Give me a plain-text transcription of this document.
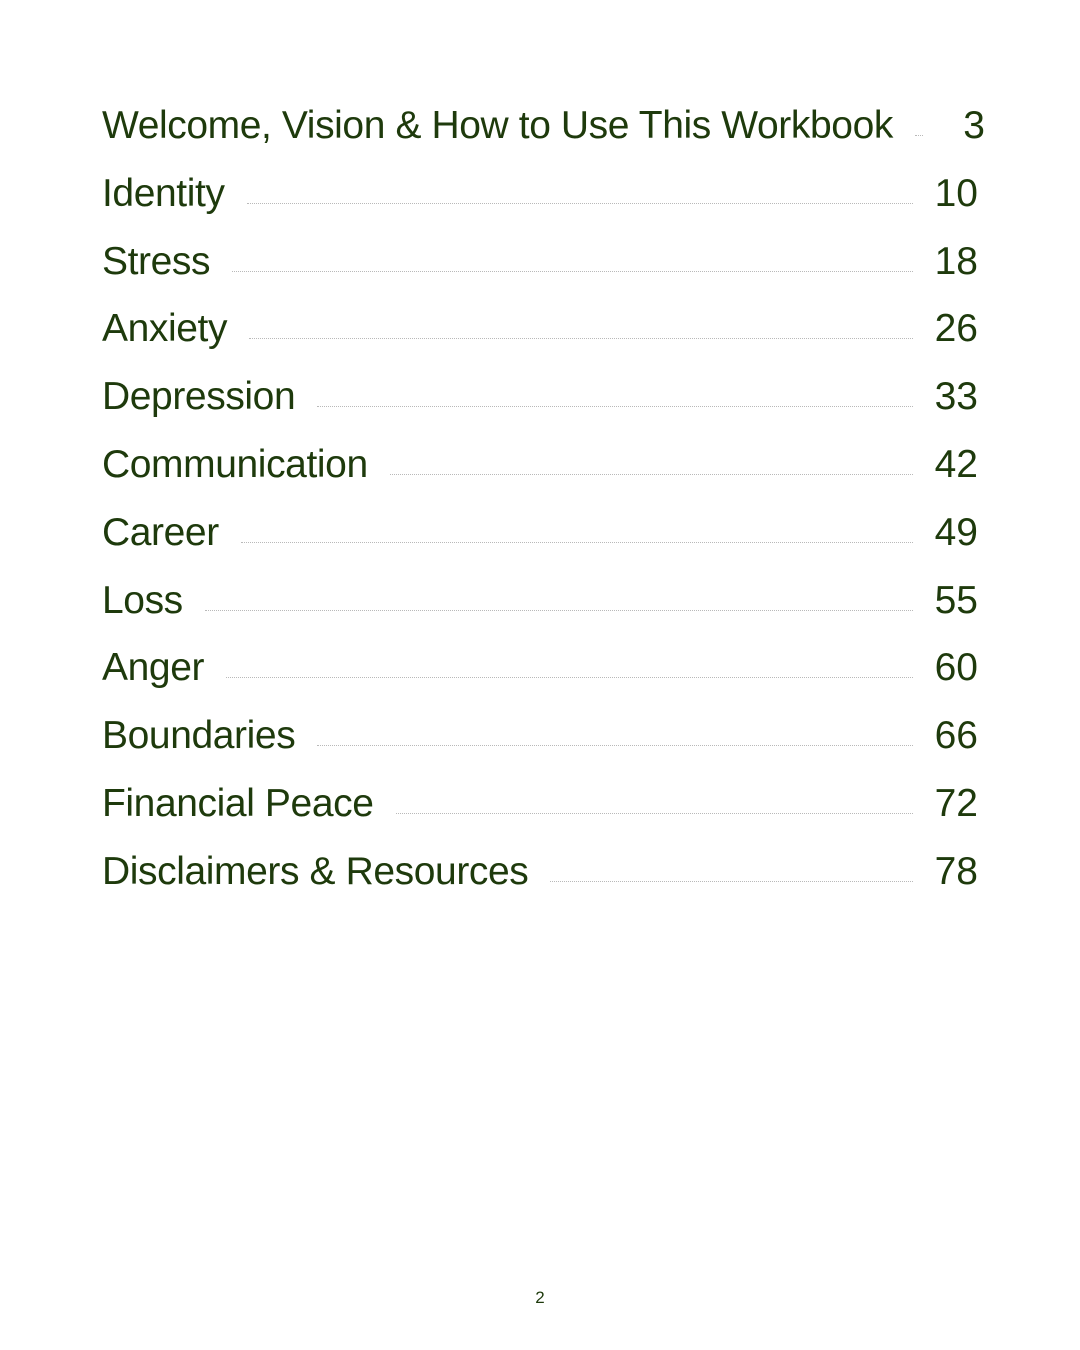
Welcome, Vision & How to Use This Workbook	3
Identity	10
Stress	18
Anxiety	26
Depression	33
Communication	42
Career	49
Loss	55
Anger	60
Boundaries	66
Financial Peace	72
Disclaimers & Resources	78
2
